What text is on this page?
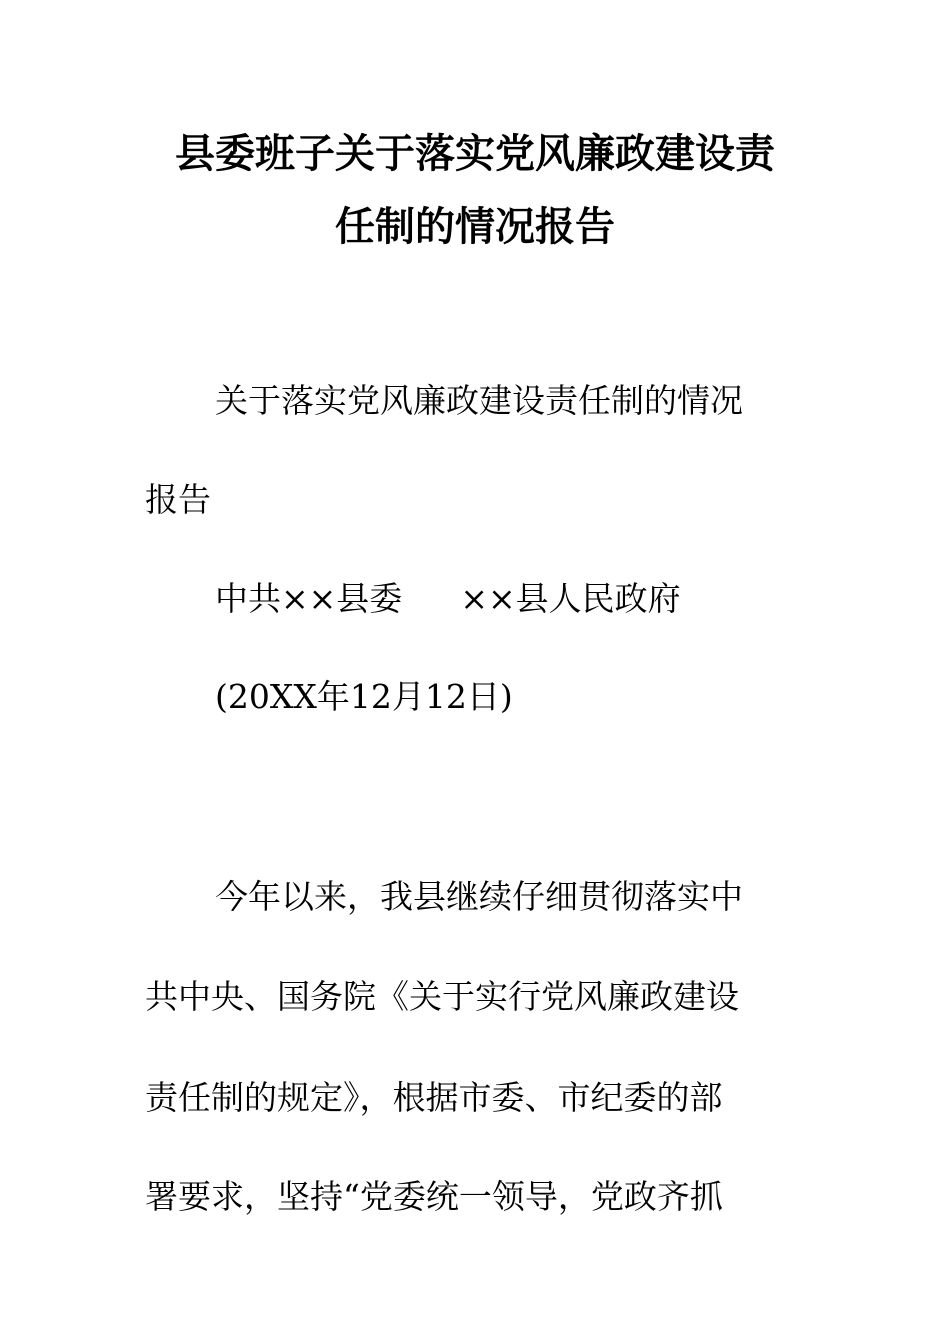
县委班子关于落实党风廉政建设责
任制的情况报告
关于落实党风廉政建设责任制的情况
报告
中共××县委 ××县人民政府
(20XX年12月12日)
今年以来，我县继续仔细贯彻落实中
共中央、国务院《关于实行党风廉政建设
责任制的规定》，根据市委、市纪委的部
署要求，坚持“党委统一领导，党政齐抓
